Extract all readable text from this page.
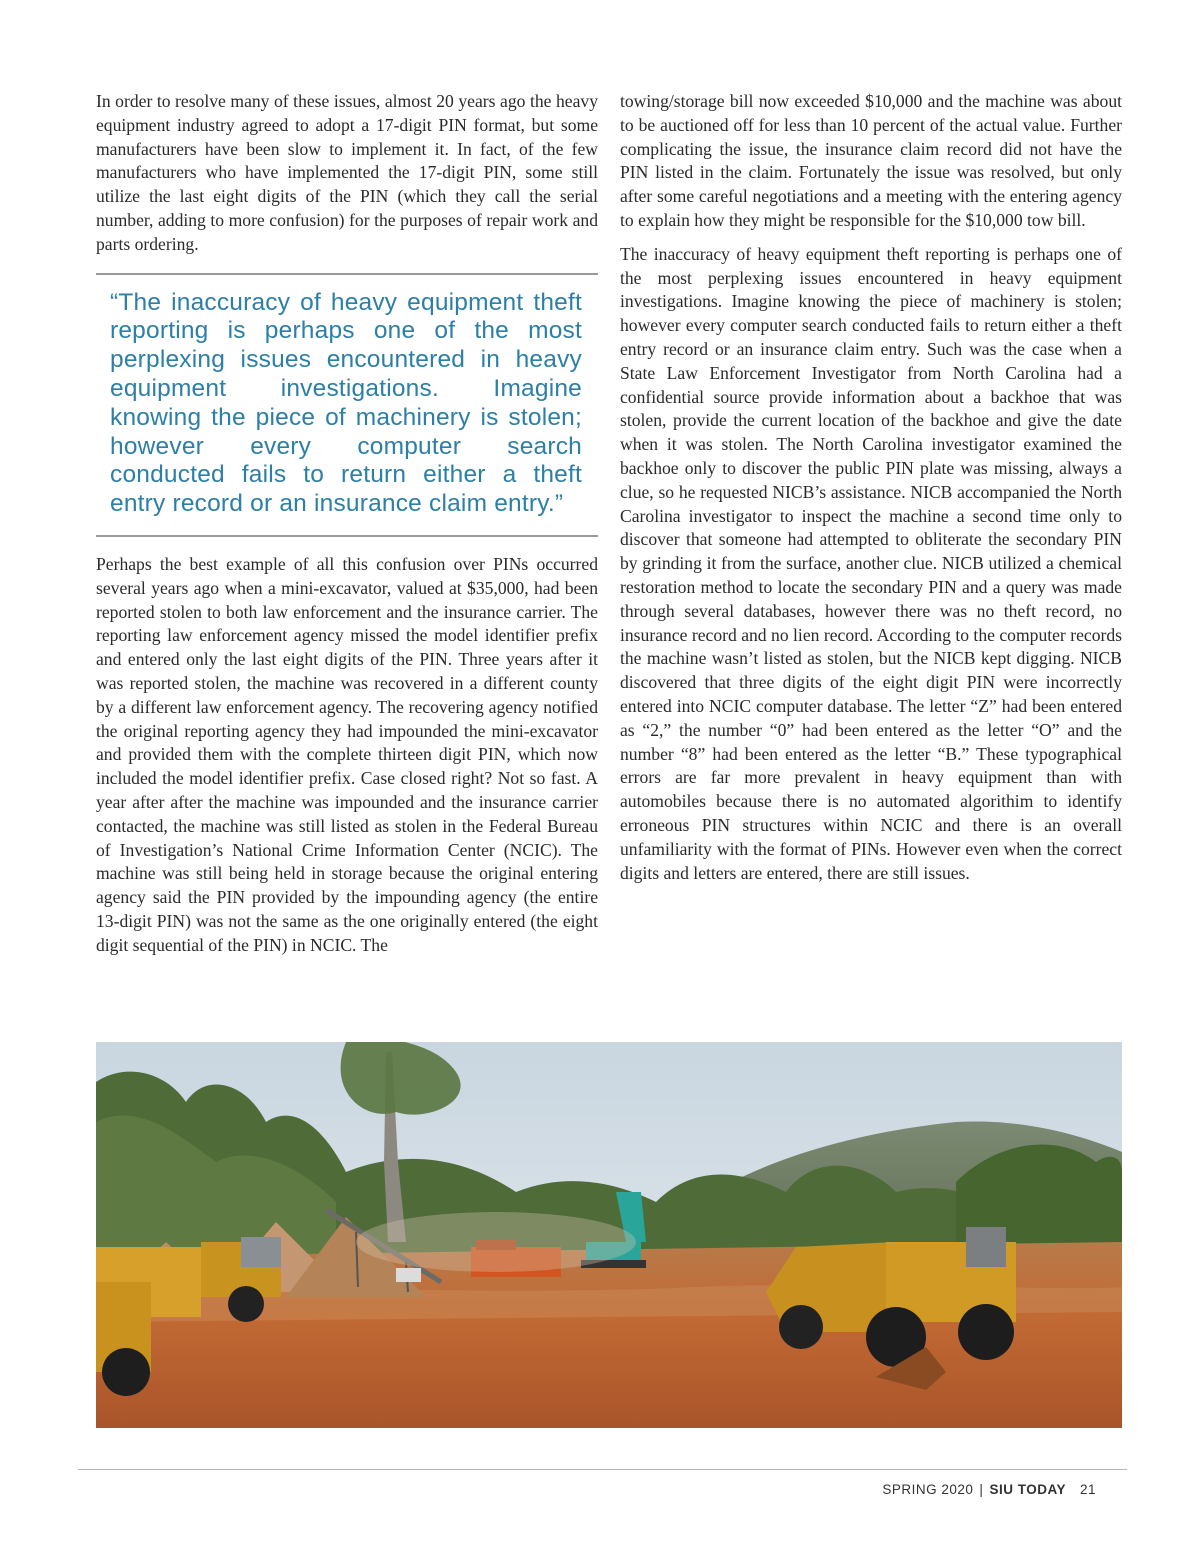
In order to resolve many of these issues, almost 20 years ago the heavy equipment industry agreed to adopt a 17-digit PIN format, but some manufacturers have been slow to implement it. In fact, of the few manufacturers who have implemented the 17-digit PIN, some still utilize the last eight digits of the PIN (which they call the serial number, adding to more confusion) for the purposes of repair work and parts ordering.

“The inaccuracy of heavy equipment theft reporting is perhaps one of the most perplexing issues encountered in heavy equipment investigations. Imagine knowing the piece of machinery is stolen; however every computer search conducted fails to return either a theft entry record or an insurance claim entry.”

Perhaps the best example of all this confusion over PINs occurred several years ago when a mini-excavator, valued at $35,000, had been reported stolen to both law enforcement and the insurance carrier. The reporting law enforcement agency missed the model identifier prefix and entered only the last eight digits of the PIN. Three years after it was reported stolen, the machine was recovered in a different county by a different law enforcement agency. The recovering agency notified the original reporting agency they had impounded the mini-excavator and provided them with the complete thirteen digit PIN, which now included the model identifier prefix. Case closed right? Not so fast. A year after after the machine was impounded and the insurance carrier contacted, the machine was still listed as stolen in the Federal Bureau of Investigation’s National Crime Information Center (NCIC). The machine was still being held in storage because the original entering agency said the PIN provided by the impounding agency (the entire 13-digit PIN) was not the same as the one originally entered (the eight digit sequential of the PIN) in NCIC. The

towing/storage bill now exceeded $10,000 and the machine was about to be auctioned off for less than 10 percent of the actual value. Further complicating the issue, the insurance claim record did not have the PIN listed in the claim. Fortunately the issue was resolved, but only after some careful negotiations and a meeting with the entering agency to explain how they might be responsible for the $10,000 tow bill.

The inaccuracy of heavy equipment theft reporting is perhaps one of the most perplexing issues encountered in heavy equipment investigations. Imagine knowing the piece of machinery is stolen; however every computer search conducted fails to return either a theft entry record or an insurance claim entry. Such was the case when a State Law Enforcement Investigator from North Carolina had a confidential source provide information about a backhoe that was stolen, provide the current location of the backhoe and give the date when it was stolen. The North Carolina investigator examined the backhoe only to discover the public PIN plate was missing, always a clue, so he requested NICB’s assistance. NICB accompanied the North Carolina investigator to inspect the machine a second time only to discover that someone had attempted to obliterate the secondary PIN by grinding it from the surface, another clue. NICB utilized a chemical restoration method to locate the secondary PIN and a query was made through several databases, however there was no theft record, no insurance record and no lien record. According to the computer records the machine wasn’t listed as stolen, but the NICB kept digging. NICB discovered that three digits of the eight digit PIN were incorrectly entered into NCIC computer database. The letter “Z” had been entered as “2,” the number “0” had been entered as the letter “O” and the number “8” had been entered as the letter “B.” These typographical errors are far more prevalent in heavy equipment than with automobiles because there is no automated algorithim to identify erroneous PIN structures within NCIC and there is an overall unfamiliarity with the format of PINs. However even when the correct digits and letters are entered, there are still issues.

SPRING 2020 | SIU TODAY 21
